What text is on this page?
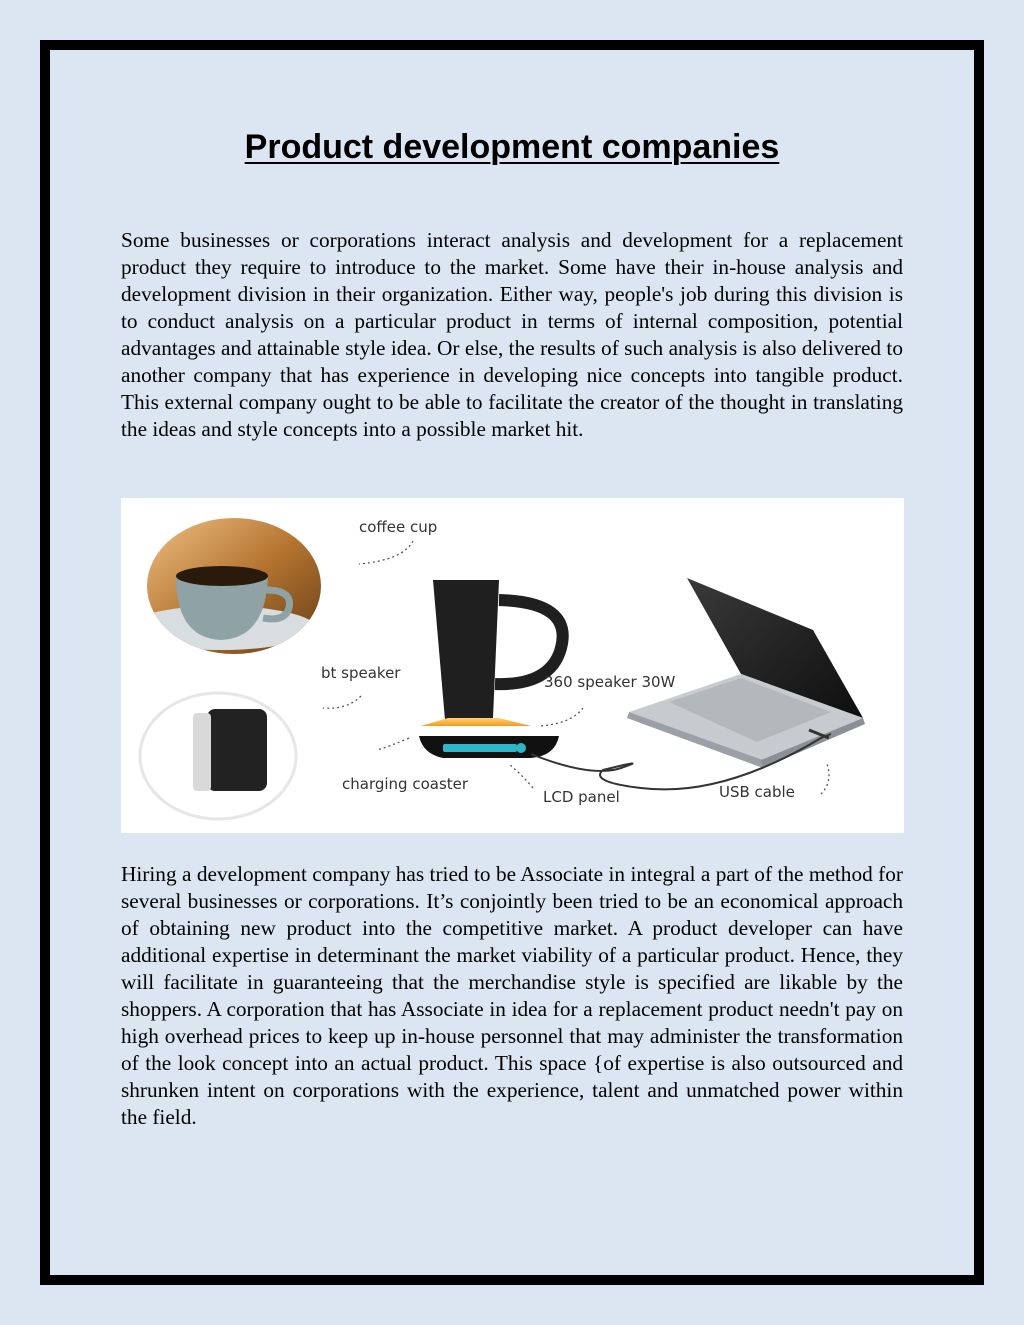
Product development companies

Some businesses or corporations interact analysis and development for a replacement product they require to introduce to the market. Some have their in-house analysis and development division in their organization. Either way, people's job during this division is to conduct analysis on a particular product in terms of internal composition, potential advantages and attainable style idea. Or else, the results of such analysis is also delivered to another company that has experience in developing nice concepts into tangible product. This external company ought to be able to facilitate the creator of the thought in translating the ideas and style concepts into a possible market hit.

coffee cup
bt speaker	360 speaker 30W
charging coaster
LCD panel	USB cable

Hiring a development company has tried to be Associate in integral a part of the method for several businesses or corporations. It’s conjointly been tried to be an economical approach of obtaining new product into the competitive market. A product developer can have additional expertise in determinant the market viability of a particular product. Hence, they will facilitate in guaranteeing that the merchandise style is specified are likable by the shoppers. A corporation that has Associate in idea for a replacement product needn't pay on high overhead prices to keep up in-house personnel that may administer the transformation of the look concept into an actual product. This space {of expertise is also outsourced and shrunken intent on corporations with the experience, talent and unmatched power within the field.
